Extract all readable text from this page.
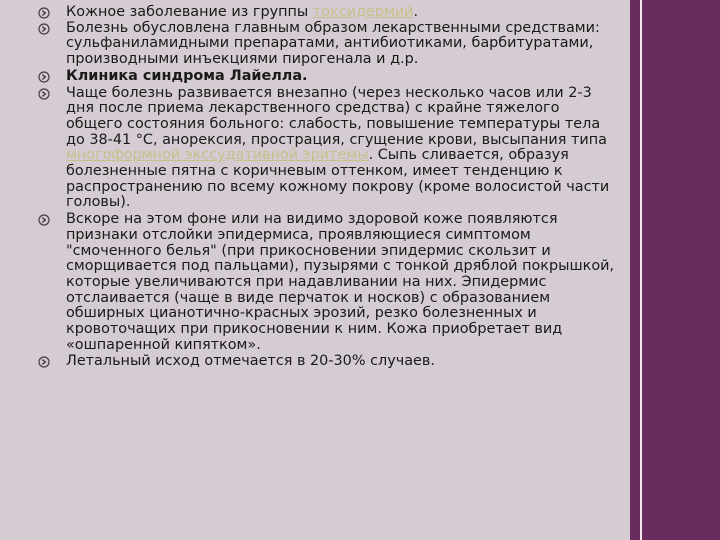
Кожное заболевание из группы токсидермий.
Болезнь обусловлена главным образом лекарственными средствами: сульфаниламидными препаратами, антибиотиками, барбитуратами, производными инъекциями пирогенала и д.р.
Клиника синдрома Лайелла.
Чаще болезнь развивается внезапно (через несколько часов или 2-3 дня после приема лекарственного средства) с крайне тяжелого общего состояния больного: слабость, повышение температуры тела до 38-41 °С, анорексия, прострация, сгущение крови, высыпания типа многоформной экссудативной эритемы. Сыпь сливается, образуя болезненные пятна с коричневым оттенком, имеет тенденцию к распространению по всему кожному покрову (кроме волосистой части головы).
Вскоре на этом фоне или на видимо здоровой коже появляются признаки отслойки эпидермиса, проявляющиеся симптомом "смоченного белья" (при прикосновении эпидермис скользит и сморщивается под пальцами), пузырями с тонкой дряблой покрышкой, которые увеличиваются при надавливании на них. Эпидермис отслаивается (чаще в виде перчаток и носков) с образованием обширных цианотично-красных эрозий, резко болезненных и кровоточащих при прикосновении к ним. Кожа приобретает вид «ошпаренной кипятком».
Летальный исход отмечается в 20-30% случаев.
